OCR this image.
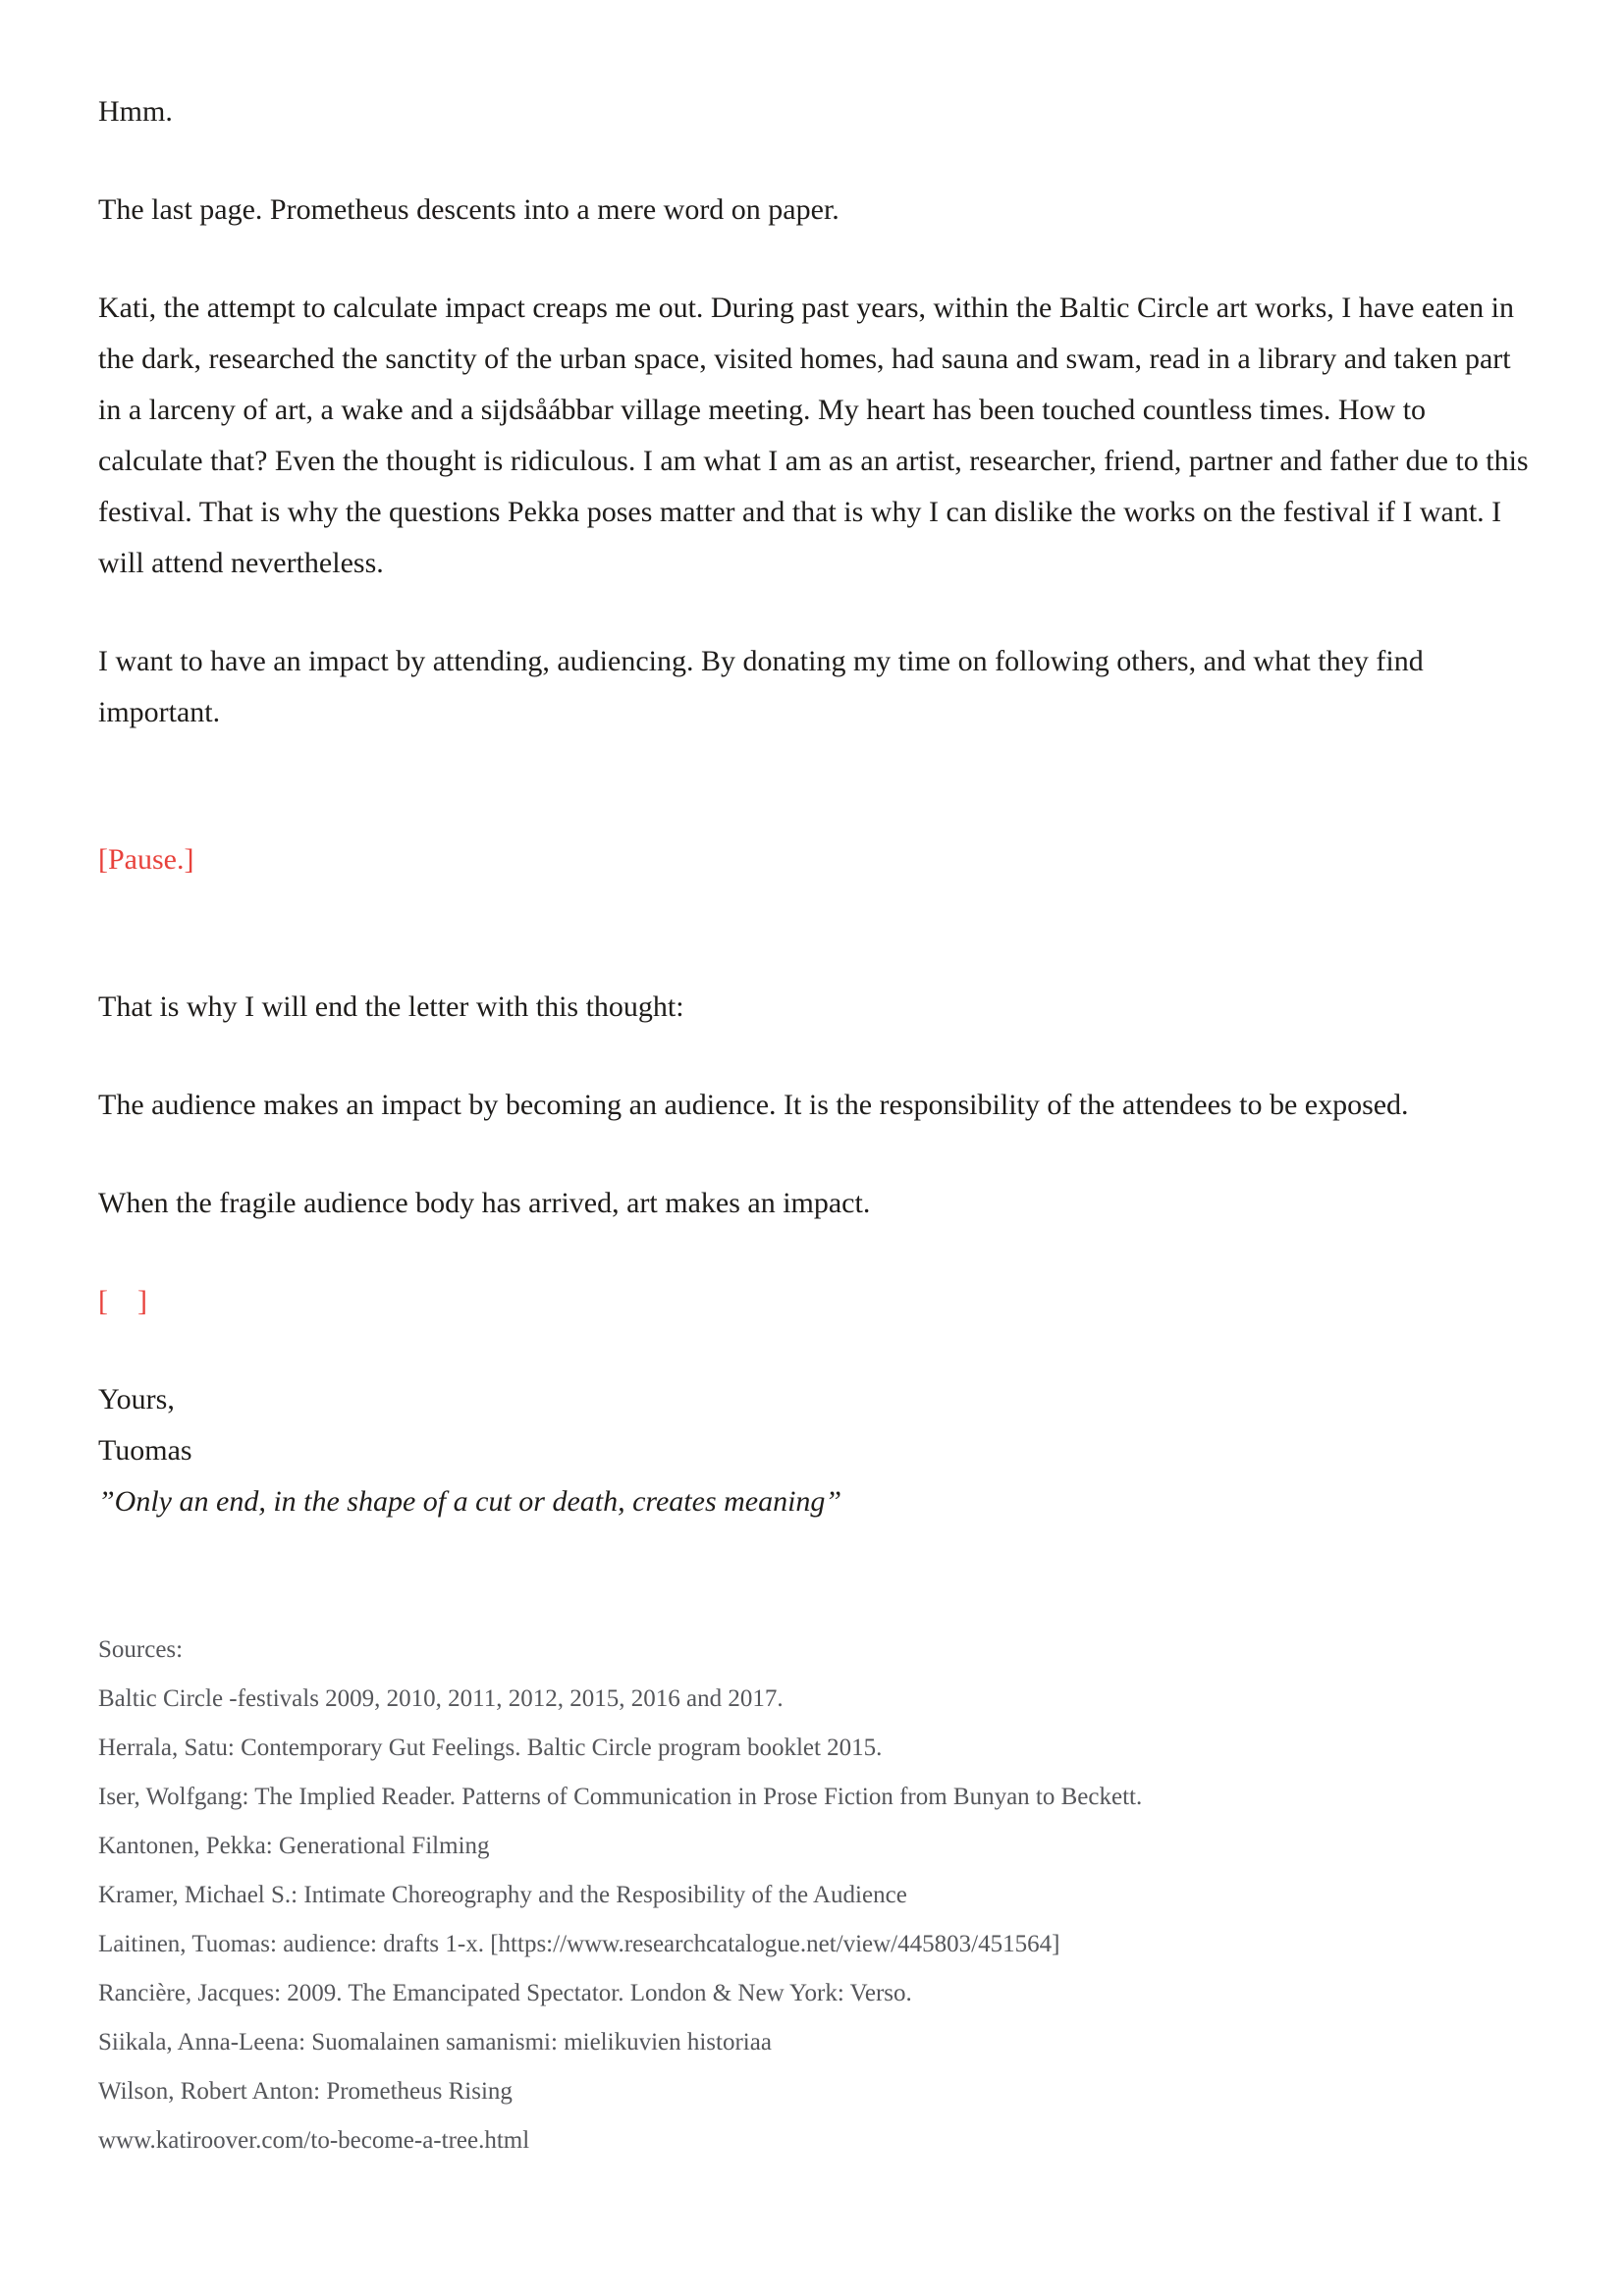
Hmm.

The last page. Prometheus descents into a mere word on paper.

Kati, the attempt to calculate impact creaps me out. During past years, within the Baltic Circle art works, I have eaten in the dark, researched the sanctity of the urban space, visited homes, had sauna and swam, read in a library and taken part in a larceny of art, a wake and a sijdsåábbar village meeting. My heart has been touched countless times. How to calculate that? Even the thought is ridiculous. I am what I am as an artist, researcher, friend, partner and father due to this festival. That is why the questions Pekka poses matter and that is why I can dislike the works on the festival if I want. I will attend nevertheless.

I want to have an impact by attending, audiencing. By donating my time on following others, and what they find important.

[Pause.]

That is why I will end the letter with this thought:

The audience makes an impact by becoming an audience. It is the responsibility of the attendees to be exposed.

When the fragile audience body has arrived, art makes an impact.

[    ]

Yours,

Tuomas

”Only an end, in the shape of a cut or death, creates meaning”

Sources:

Baltic Circle -festivals 2009, 2010, 2011, 2012, 2015, 2016 and 2017.

Herrala, Satu: Contemporary Gut Feelings. Baltic Circle program booklet 2015.

Iser, Wolfgang: The Implied Reader. Patterns of Communication in Prose Fiction from Bunyan to Beckett.

Kantonen, Pekka: Generational Filming

Kramer, Michael S.: Intimate Choreography and the Resposibility of the Audience

Laitinen, Tuomas: audience: drafts 1-x. [https://www.researchcatalogue.net/view/445803/451564]

Rancière, Jacques: 2009. The Emancipated Spectator. London & New York: Verso.

Siikala, Anna-Leena: Suomalainen samanismi: mielikuvien historiaa

Wilson, Robert Anton: Prometheus Rising

www.katiroover.com/to-become-a-tree.html
